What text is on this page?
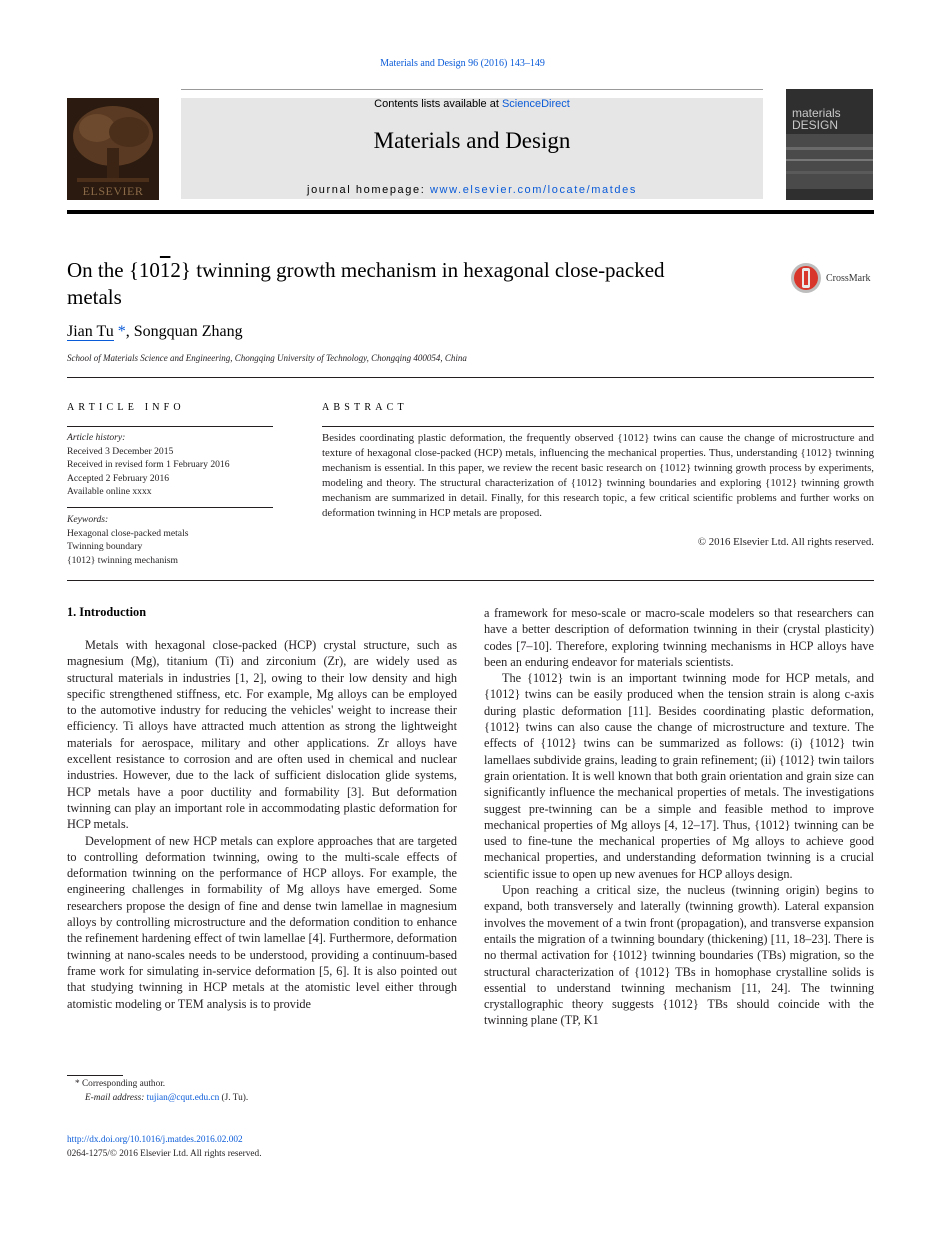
Materials and Design 96 (2016) 143–149
ELSEVIER
Contents lists available at ScienceDirect
Materials and Design
journal homepage: www.elsevier.com/locate/matdes
materials
DESIGN
On the {1012} twinning growth mechanism in hexagonal close-packed metals
CrossMark
Jian Tu *, Songquan Zhang
School of Materials Science and Engineering, Chongqing University of Technology, Chongqing 400054, China
ARTICLE INFO
Article history:
Received 3 December 2015
Received in revised form 1 February 2016
Accepted 2 February 2016
Available online xxxx
Keywords:
Hexagonal close-packed metals
Twinning boundary
{1012} twinning mechanism
ABSTRACT
Besides coordinating plastic deformation, the frequently observed {1012} twins can cause the change of microstructure and texture of hexagonal close-packed (HCP) metals, influencing the mechanical properties. Thus, understanding {1012} twinning mechanism is essential. In this paper, we review the recent basic research on {1012} twinning growth process by experiments, modeling and theory. The structural characterization of {1012} twinning boundaries and exploring {1012} twinning growth mechanism are summarized in detail. Finally, for this research topic, a few critical scientific problems and further works on deformation twinning in HCP metals are proposed.
© 2016 Elsevier Ltd. All rights reserved.
1. Introduction

Metals with hexagonal close-packed (HCP) crystal structure, such as magnesium (Mg), titanium (Ti) and zirconium (Zr), are widely used as structural materials in industries [1, 2], owing to their low density and high specific strengthened stiffness, etc. For example, Mg alloys can be employed to the automotive industry for reducing the vehicles' weight to increase their efficiency. Ti alloys have attracted much attention as strong the lightweight materials for aerospace, military and other applications. Zr alloys have excellent resistance to corrosion and are often used in chemical and nuclear industries. However, due to the lack of sufficient dislocation glide systems, HCP metals have a poor ductility and formability [3]. But deformation twinning can play an important role in accommodating plastic deformation for HCP metals.

Development of new HCP metals can explore approaches that are targeted to controlling deformation twinning, owing to the multi-scale effects of deformation twinning on the performance of HCP alloys. For example, the engineering challenges in formability of Mg alloys have emerged. Some researchers propose the design of fine and dense twin lamellae in magnesium alloys by controlling microstructure and the deformation condition to enhance the refinement hardening effect of twin lamellae [4]. Furthermore, deformation twinning at nano-scales needs to be understood, providing a continuum-based frame work for simulating in-service deformation [5, 6]. It is also pointed out that studying twinning in HCP metals at the atomistic level either through atomistic modeling or TEM analysis is to provide

a framework for meso-scale or macro-scale modelers so that researchers can have a better description of deformation twinning in their (crystal plasticity) codes [7–10]. Therefore, exploring twinning mechanisms in HCP alloys have been an enduring endeavor for materials scientists.

The {1012} twin is an important twinning mode for HCP metals, and {1012} twins can be easily produced when the tension strain is along c-axis during plastic deformation [11]. Besides coordinating plastic deformation, {1012} twins can also cause the change of microstructure and texture. The effects of {1012} twins can be summarized as follows: (i) {1012} twin lamellaes subdivide grains, leading to grain refinement; (ii) {1012} twin tailors grain orientation. It is well known that both grain orientation and grain size can significantly influence the mechanical properties of metals. The investigations suggest pre-twinning can be a simple and feasible method to improve mechanical properties of Mg alloys [4, 12–17]. Thus, {1012} twinning can be used to fine-tune the mechanical properties of Mg alloys to achieve good mechanical properties, and understanding deformation twinning is a crucial scientific issue to open up new avenues for HCP alloys design.

Upon reaching a critical size, the nucleus (twinning origin) begins to expand, both transversely and laterally (twinning growth). Lateral expansion involves the movement of a twin front (propagation), and transverse expansion entails the migration of a twinning boundary (thickening) [11, 18–23]. There is no thermal activation for {1012} twinning boundaries (TBs) migration, so the structural characterization of {1012} TBs in homophase crystalline solids is essential to understand twinning mechanism [11, 24]. The twinning crystallographic theory suggests {1012} TBs should coincide with the twinning plane (TP, K1

* Corresponding author.
E-mail address: tujian@cqut.edu.cn (J. Tu).
http://dx.doi.org/10.1016/j.matdes.2016.02.002
0264-1275/© 2016 Elsevier Ltd. All rights reserved.
